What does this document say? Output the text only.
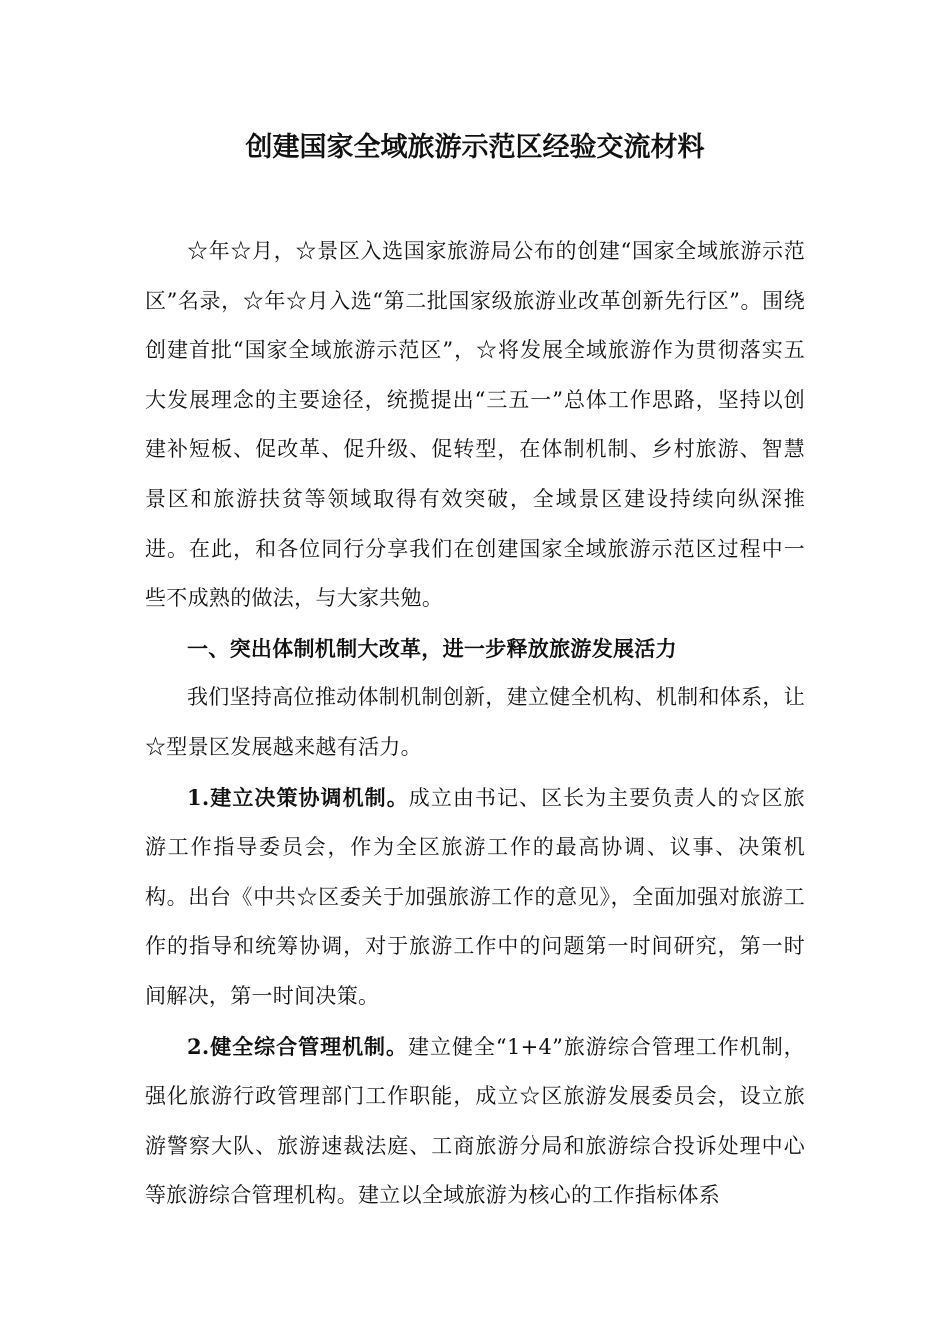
创建国家全域旅游示范区经验交流材料

☆年☆月，☆景区入选国家旅游局公布的创建“国家全域旅游示范区”名录，☆年☆月入选“第二批国家级旅游业改革创新先行区”。围绕创建首批“国家全域旅游示范区”，☆将发展全域旅游作为贯彻落实五大发展理念的主要途径，统揽提出“三五一”总体工作思路，坚持以创建补短板、促改革、促升级、促转型，在体制机制、乡村旅游、智慧景区和旅游扶贫等领域取得有效突破，全域景区建设持续向纵深推进。在此，和各位同行分享我们在创建国家全域旅游示范区过程中一些不成熟的做法，与大家共勉。

一、突出体制机制大改革，进一步释放旅游发展活力

我们坚持高位推动体制机制创新，建立健全机构、机制和体系，让☆型景区发展越来越有活力。

1.建立决策协调机制。成立由书记、区长为主要负责人的☆区旅游工作指导委员会，作为全区旅游工作的最高协调、议事、决策机构。出台《中共☆区委关于加强旅游工作的意见》，全面加强对旅游工作的指导和统筹协调，对于旅游工作中的问题第一时间研究，第一时间解决，第一时间决策。

2.健全综合管理机制。建立健全“1+4”旅游综合管理工作机制，强化旅游行政管理部门工作职能，成立☆区旅游发展委员会，设立旅游警察大队、旅游速裁法庭、工商旅游分局和旅游综合投诉处理中心等旅游综合管理机构。建立以全域旅游为核心的工作指标体系
